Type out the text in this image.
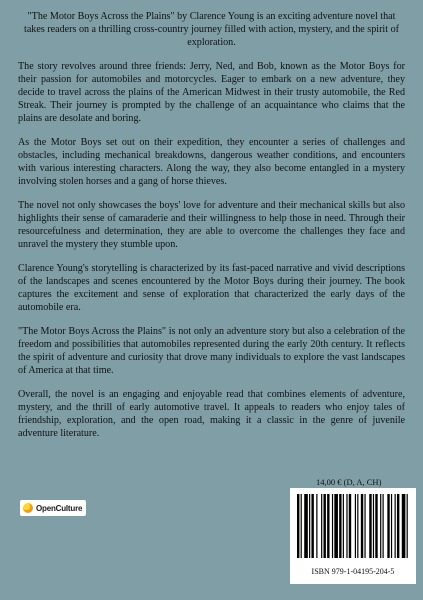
"The Motor Boys Across the Plains" by Clarence Young is an exciting adventure novel that takes readers on a thrilling cross-country journey filled with action, mystery, and the spirit of exploration.

The story revolves around three friends: Jerry, Ned, and Bob, known as the Motor Boys for their passion for automobiles and motorcycles. Eager to embark on a new adventure, they decide to travel across the plains of the American Midwest in their trusty automobile, the Red Streak. Their journey is prompted by the challenge of an acquaintance who claims that the plains are desolate and boring.

As the Motor Boys set out on their expedition, they encounter a series of challenges and obstacles, including mechanical breakdowns, dangerous weather conditions, and encounters with various interesting characters. Along the way, they also become entangled in a mystery involving stolen horses and a gang of horse thieves.

The novel not only showcases the boys' love for adventure and their mechanical skills but also highlights their sense of camaraderie and their willingness to help those in need. Through their resourcefulness and determination, they are able to overcome the challenges they face and unravel the mystery they stumble upon.

Clarence Young's storytelling is characterized by its fast-paced narrative and vivid descriptions of the landscapes and scenes encountered by the Motor Boys during their journey. The book captures the excitement and sense of exploration that characterized the early days of the automobile era.

"The Motor Boys Across the Plains" is not only an adventure story but also a celebration of the freedom and possibilities that automobiles represented during the early 20th century. It reflects the spirit of adventure and curiosity that drove many individuals to explore the vast landscapes of America at that time.

Overall, the novel is an engaging and enjoyable read that combines elements of adventure, mystery, and the thrill of early automotive travel. It appeals to readers who enjoy tales of friendship, exploration, and the open road, making it a classic in the genre of juvenile adventure literature.

14,00 € (D, A, CH)
OpenCulture
ISBN 979-1-04195-204-5
